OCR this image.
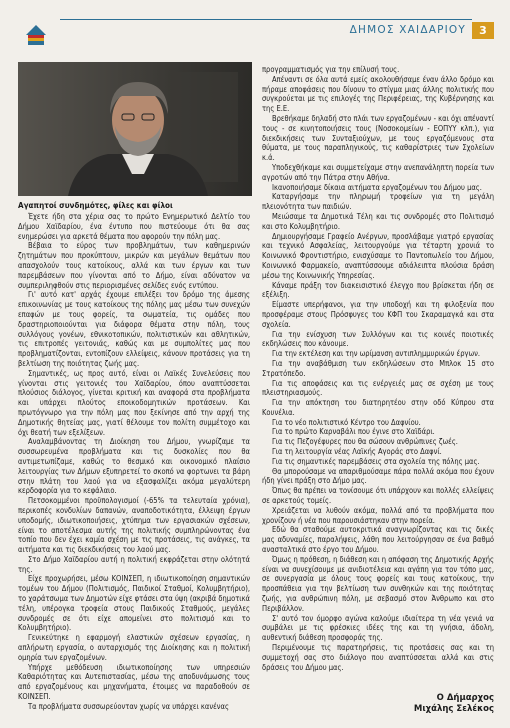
ΔΗΜΟΣ ΧΑΙΔΑΡΙΟΥ	3
Αγαπητοί συνδημότες, φίλες και φίλοι

Έχετε ήδη στα χέρια σας το πρώτο Ενημερωτικό Δελτίο του Δήμου Χαϊδαρίου, ένα έντυπο που πιστεύουμε ότι θα σας ενημερώσει για αρκετά θέματα που αφορούν την πόλη μας.

Βέβαια το εύρος των προβλημάτων, των καθημερινών ζητημάτων που προκύπτουν, μικρών και μεγάλων θεμάτων που απασχολούν τους κατοίκους, αλλά και των έργων και των παρεμβάσεων που γίνονται από το Δήμο, είναι αδύνατον να συμπεριληφθούν στις περιορισμένες σελίδες ενός εντύπου.

Γι' αυτό κατ' αρχάς έχουμε επιλέξει τον δρόμο της άμεσης επικοινωνίας με τους κατοίκους της πόλης μας μέσω των συνεχών επαφών με τους φορείς, τα σωματεία, τις ομάδες που δραστηριοποιούνται για διάφορα θέματα στην πόλη, τους συλλόγους γονέων, εθνικοτοπικών, πολιτιστικών και αθλητικών, τις επιτροπές γειτονιάς, καθώς και με συμπολίτες μας που προβληματίζονται, εντοπίζουν ελλείψεις, κάνουν προτάσεις για τη βελτίωση της ποιότητας ζωής μας.

Σημαντικές, ως προς αυτό, είναι οι Λαϊκές Συνελεύσεις που γίνονται στις γειτονιές του Χαϊδαρίου, όπου αναπτύσσεται πλούσιος διάλογος, γίνεται κριτική και αναφορά στα προβλήματα και υπάρχει πλούτος εποικοδομητικών προτάσεων. Και πρωτόγνωρο για την πόλη μας που ξεκίνησε από την αρχή της Δημοτικής θητείας μας, γιατί θέλουμε τον πολίτη συμμέτοχο και όχι θεατή των εξελίξεων.

Αναλαμβάνοντας τη Διοίκηση του Δήμου, γνωρίζαμε τα συσσωρευμένα προβλήματα και τις δυσκολίες που θα αντιμετωπίζαμε, καθώς το θεσμικό και οικονομικό πλαίσιο λειτουργίας των Δήμων εξυπηρετεί το σκοπό να φορτωνει τα βάρη στην πλάτη του λαού για να εξασφαλίζει ακόμα μεγαλύτερη κερδοφορία για το κεφάλαιο.

Πετσοκομμένοι προϋπολογισμοί (-65% τα τελευταία χρόνια), περικοπές κονδυλίων δαπανών, αναποδοτικότητα, έλλειψη έργων υποδομής, ιδιωτικοποιήσεις, χτύπημα των εργασιακών σχέσεων, είναι το αποτέλεσμα αυτής της πολιτικής συμπληρώνοντας ένα τοπίο που δεν έχει καμία σχέση με τις προτάσεις, τις ανάγκες, τα αιτήματα και τις διεκδικήσεις του λαού μας.

Στο Δήμο Χαϊδαρίου αυτή η πολιτική εκφράζεται στην ολότητά της.

Είχε προχωρήσει, μέσω ΚΟΙΝΣΕΠ, η ιδιωτικοποίηση σημαντικών τομέων του Δήμου (Πολιτισμός, Παιδικοί Σταθμοί, Κολυμβητήριο), το χαράτσωμα των Δημοτών είχε φτάσει στα ύψη (ακριβά δημοτικά τέλη, υπέρογκα τροφεία στους Παιδικούς Σταθμούς, μεγάλες συνδρομές σε ότι είχε απομείνει στο πολιτισμό και το Κολυμβητήριο).

Γενικεύτηκε η εφαρμογή ελαστικών σχέσεων εργασίας, η απλήρωτη εργασία, ο αυταρχισμός της Διοίκησης και η πολιτική ομηρία των εργαζομένων.

Υπήρχε μεθόδευση ιδιωτικοποίησης των υπηρεσιών Καθαριότητας και Αυτεπιστασίας, μέσω της αποδυνάμωσης τους από εργαζομένους και μηχανήματα, έτοιμες να παραδοθούν σε ΚΟΙΝΣΕΠ.

Τα προβλήματα συσσωρεύονταν χωρίς να υπάρχει κανένας

προγραμματισμός για την επίλυσή τους.

Απέναντι σε όλα αυτά εμείς ακολουθήσαμε έναν άλλο δρόμο και πήραμε αποφάσεις που δίνουν το στίγμα μιας άλλης πολιτικής που συγκρούεται με τις επιλογές της Περιφέρειας, της Κυβέρνησης και της Ε.Ε.

Βρεθήκαμε δηλαδή στο πλάι των εργαζομένων - και όχι απέναντί τους - σε κινητοποιήσεις τους (Νοσοκομείων - ΕΟΠΥΥ κλπ.), για διεκδικήσεις των Συνταξιούχων, με τους εργαζόμενους στα θύματα, με τους παραπληγικούς, τις καθαρίστριες των Σχολείων κ.ά.

Υποδεχθήκαμε και συμμετείχαμε στην ανεπανάληπτη πορεία των αγροτών από την Πάτρα στην Αθήνα.

Ικανοποιήσαμε δίκαια αιτήματα εργαζομένων του Δήμου μας.

Καταργήσαμε την πληρωμή τροφείων για τη μεγάλη πλειονότητα των παιδιών.

Μειώσαμε τα Δημοτικά Τέλη και τις συνδρομές στο Πολιτισμό και στο Κολυμβητήριο.

Δημιουργήσαμε Γραφείο Ανέργων, προσλάβαμε γιατρό εργασίας και τεχνικό Ασφαλείας, λειτουργούμε για τέταρτη χρονιά το Κοινωνικό Φροντιστήριο, ενισχύσαμε το Παντοπωλείο του Δήμου, Κοινωνικό Φαρμακείο, αναπτύσσουμε αδιάλειπτα πλούσια δράση μέσω της Κοινωνικής Υπηρεσίας.

Κάναμε πράξη τον διακεισιστικό έλεγχο που βρίσκεται ήδη σε εξέλιξη.

Είμαστε υπερήφανοι, για την υποδοχή και τη φιλοξενία που προσφέραμε στους Πρόσφυγες του ΚΦΠ του Σκαραμαγκά και στα σχολεία.

Για την ενίσχυση των Συλλόγων και τις κοινές ποιοτικές εκδηλώσεις που κάνουμε.

Για την εκτέλεση και την ωρίμανση αντιπλημμυρικών έργων.

Για την αναβάθμιση των εκδηλώσεων στο Μπλοκ 15 στο Στρατόπεδο.

Για τις αποφάσεις και τις ενέργειές μας σε σχέση με τους πλειστηριασμούς.

Για την απόκτηση του διατηρητέου στην οδό Κύπρου στα Κουνέλια.

Για το νέο πολιτιστικό Κέντρο του Δαφνίου.

Για το πρώτο Καρναβάλι που έγινε στο Χαϊδάρι.

Για τις Πεζογέφυρες που θα σώσουν ανθρώπινες ζωές.

Για τη λειτουργία νέας Λαϊκής Αγοράς στο Δαφνί.

Για τις σημαντικές παρεμβάσεις στα σχολεία της πόλης μας.

Θα μπορούσαμε να απαριθμούσαμε πάρα πολλά ακόμα που έχουν ήδη γίνει πράξη στο Δήμο μας.

Όπως θα πρέπει να τονίσουμε ότι υπάρχουν και πολλές ελλείψεις σε αρκετούς τομείς.

Χρειάζεται να λυθούν ακόμα, πολλά από τα προβλήματα που χρονίζουν ή νέα που παρουσιάστηκαν στην πορεία.

Εδώ θα σταθούμε αυτοκριτικά αναγνωρίζοντας και τις δικές μας αδυναμίες, παραλήψεις, λάθη που λειτούργησαν σε ένα βαθμό ανασταλτικά στο έργο του Δήμου.

Όμως η πρόθεση, η διάθεση και η απόφαση της Δημοτικής Αρχής είναι να συνεχίσουμε με ανιδιοτέλεια και αγάπη για τον τόπο μας, σε συνεργασία με όλους τους φορείς και τους κατοίκους, την προσπάθεια για την βελτίωση των συνθηκών και της ποιότητας ζωής, για ανθρώπινη πόλη, με σεβασμό στον Άνθρωπο και στο Περιβάλλον.

Σ' αυτό τον όμορφο αγώνα καλούμε ιδιαίτερα τη νέα γενιά να συμβάλει με τις φρέσκιες ιδέες της και τη γνήσια, άδολη, αυθεντική διάθεση προσφοράς της.

Περιμένουμε τις παρατηρήσεις, τις προτάσεις σας και τη συμμετοχή σας στο διάλογο που αναπτύσσεται αλλά και στις δράσεις του Δήμου μας.

Ο Δήμαρχος
Μιχάλης Σελέκος
